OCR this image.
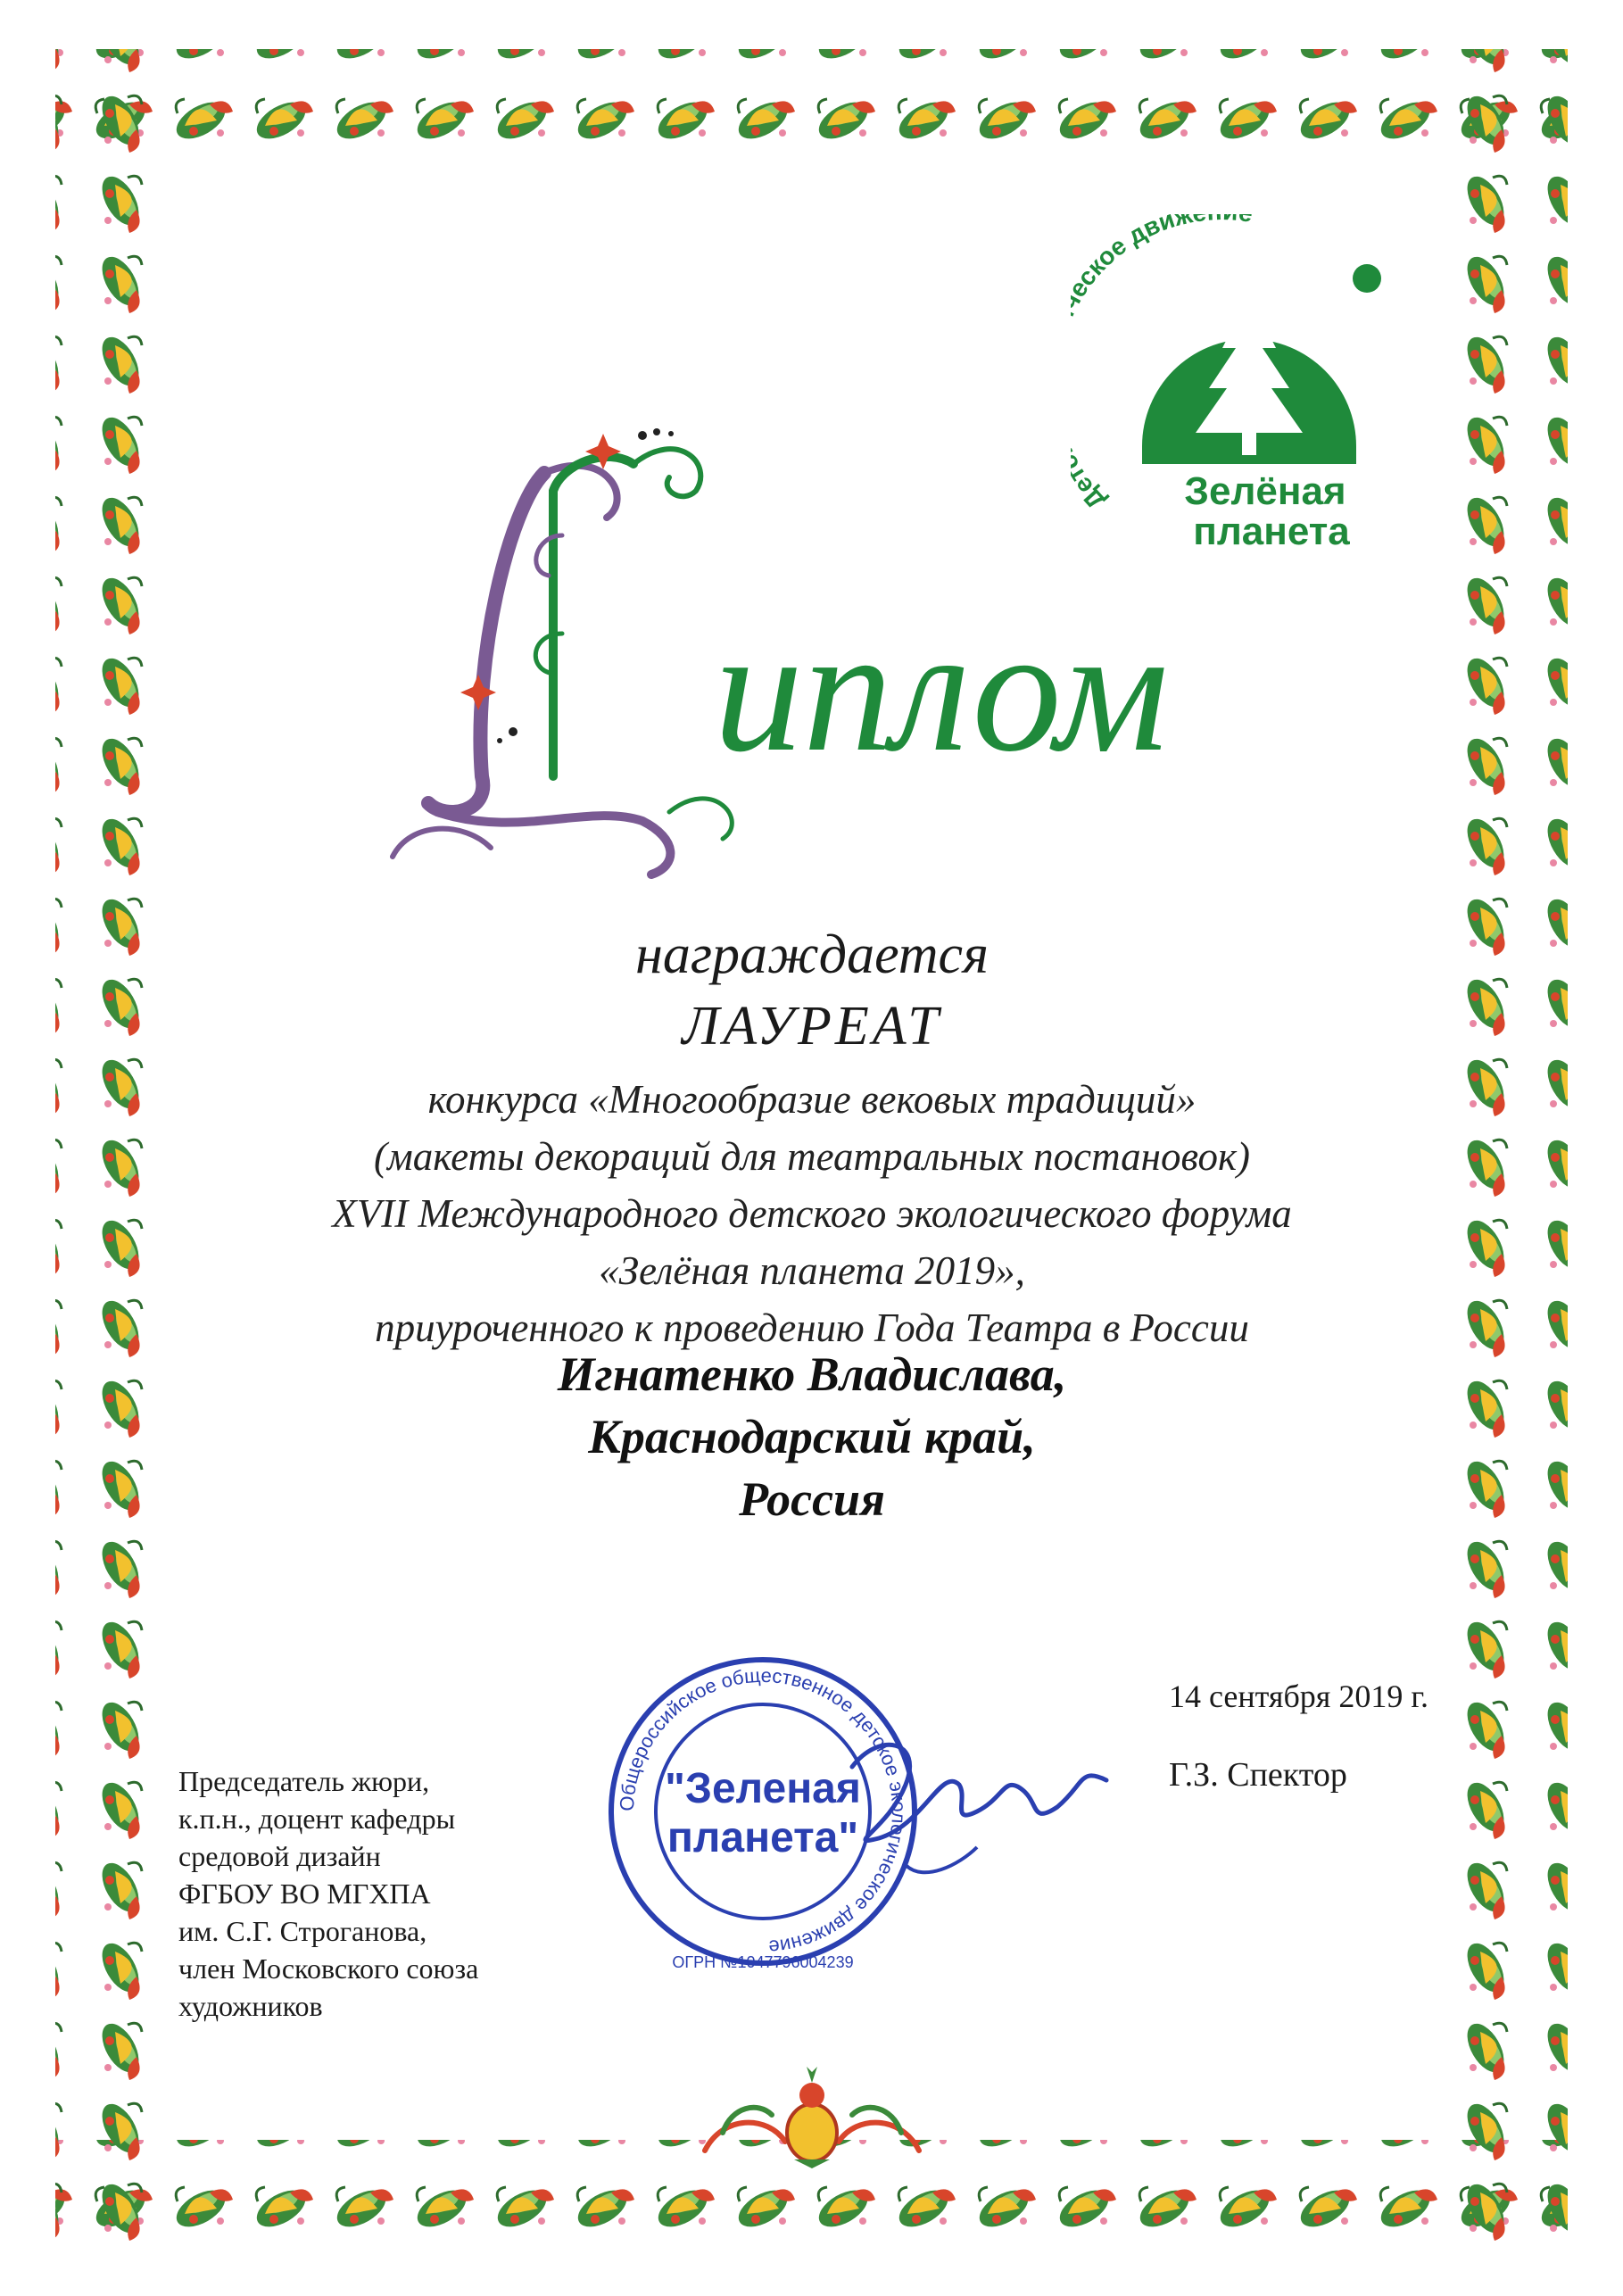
Де ское движ
Зелёная
планета
иплом
награждается
ЛАУРЕАТ
конкурса «Многообразие вековых традиций»
(макеты декораций для театральных постановок)
XVII Международного детского экологического форума
«Зелёная планета 2019»,
приуроченного к проведению Года Театра в России
Игнатенко Владислава,
Краснодарский край,
Россия
Общероссийское общественное детское экологическое движение
ОГРН №1047796004239
"Зеленая
планета"
14 сентября 2019 г.
Г.З. Спектор
Председатель жюри,
к.п.н., доцент кафедры
средовой дизайн
ФГБОУ ВО МГХПА
им. С.Г. Строганова,
член Московского союза
художников
